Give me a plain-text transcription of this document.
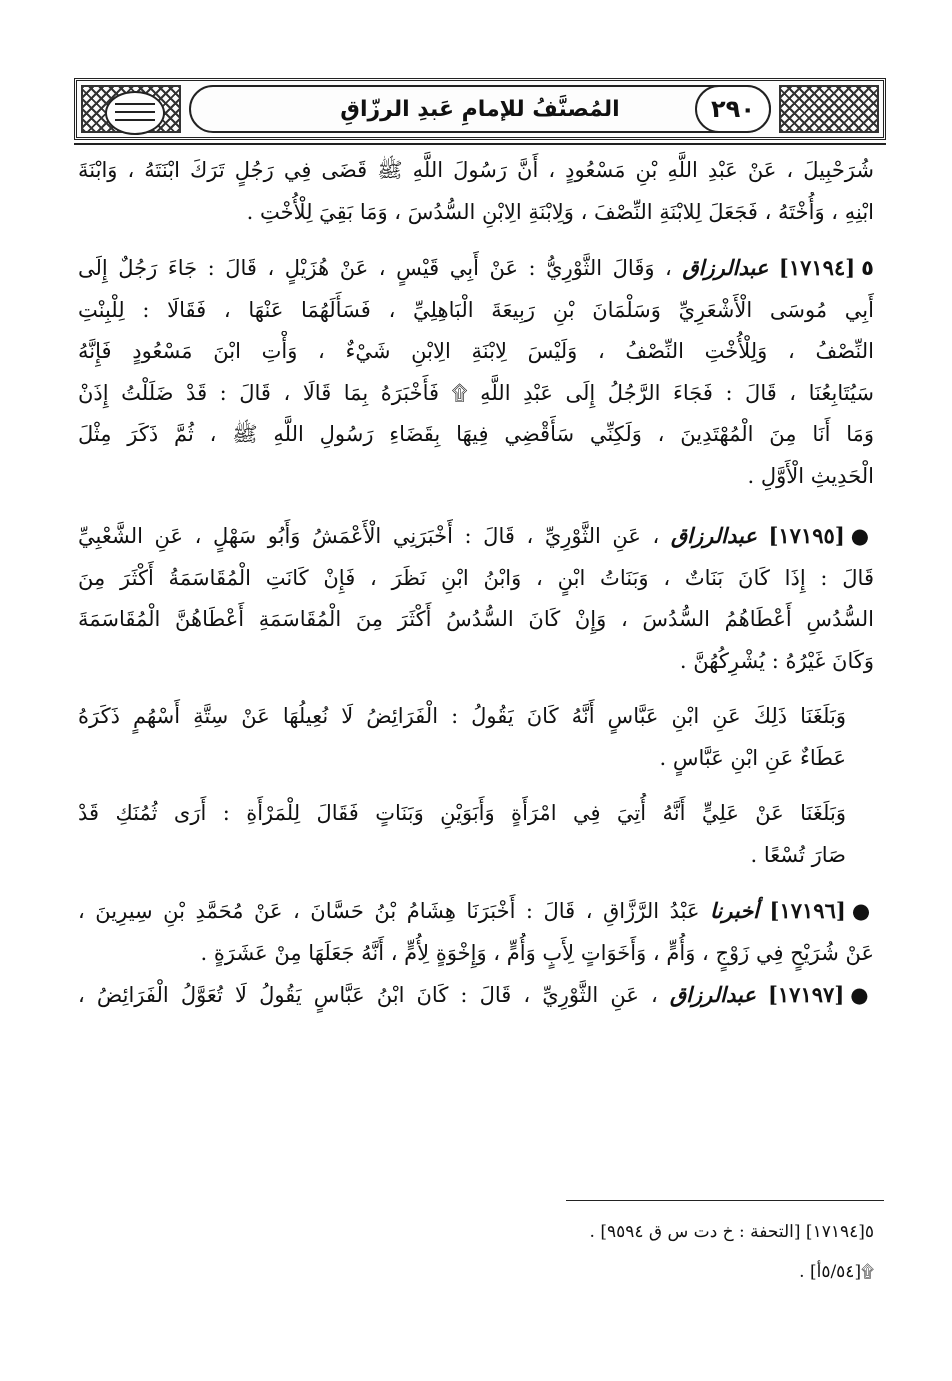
المُصنَّفُ للإمامِ عَبدِ الرزّاقِ	٢٩٠

شُرَحْبِيلَ ، عَنْ عَبْدِ اللَّهِ بْنِ مَسْعُودٍ ، أَنَّ رَسُولَ اللَّهِ ﷺ قَضَى فِي رَجُلٍ تَرَكَ ابْنَتَهُ ، وَابْنَةَ
ابْنِهِ ، وَأُخْتَهُ ، فَجَعَلَ لِلابْنَةِ النِّصْفَ ، وَلِابْنَةِ الِابْنِ السُّدُسَ ، وَمَا بَقِيَ لِلْأُخْتِ .

٥[١٧١٩٤] عبدالرزاق ، وَقَالَ الثَّوْرِيُّ : عَنْ أَبِي قَيْسٍ ، عَنْ هُزَيْلٍ ، قَالَ : جَاءَ رَجُلٌ إِلَى
أَبِي مُوسَى الْأَشْعَرِيِّ وَسَلْمَانَ بْنِ رَبِيعَةَ الْبَاهِلِيِّ ، فَسَأَلَهُمَا عَنْهَا ، فَقَالَا : لِلْبِنْتِ
النِّصْفُ ، وَلِلْأُخْتِ النِّصْفُ ، وَلَيْسَ لِابْنَةِ الِابْنِ شَيْءٌ ، وَأْتِ ابْنَ مَسْعُودٍ فَإِنَّهُ
سَيُتَابِعُنَا ، قَالَ : فَجَاءَ الرَّجُلُ إِلَى عَبْدِ اللَّهِ ۩ فَأَخْبَرَهُ بِمَا قَالَا ، قَالَ : قَدْ ضَلَلْتُ إِذَنْ
وَمَا أَنَا مِنَ الْمُهْتَدِينَ ، وَلَكِنِّي سَأَقْضِي فِيهَا بِقَضَاءِ رَسُولِ اللَّهِ ﷺ ، ثُمَّ ذَكَرَ مِثْلَ
الْحَدِيثِ الْأَوَّلِ .

●[١٧١٩٥] عبدالرزاق ، عَنِ الثَّوْرِيِّ ، قَالَ : أَخْبَرَنِي الْأَعْمَشُ وَأَبُو سَهْلٍ ، عَنِ الشَّعْبِيِّ
قَالَ : إِذَا كَانَ بَنَاتٌ ، وَبَنَاتُ ابْنٍ ، وَابْنُ ابْنِ نَظَرَ ، فَإِنْ كَانَتِ الْمُقَاسَمَةُ أَكْثَرَ مِنَ
السُّدُسِ أَعْطَاهُمُ السُّدُسَ ، وَإِنْ كَانَ السُّدُسُ أَكْثَرَ مِنَ الْمُقَاسَمَةِ أَعْطَاهُنَّ الْمُقَاسَمَةَ
وَكَانَ غَيْرُهُ : يُشْرِكُهُنَّ .

وَبَلَغَنَا ذَلِكَ عَنِ ابْنِ عَبَّاسٍ أَنَّهُ كَانَ يَقُولُ : الْفَرَائِضُ لَا نُعِيلُهَا عَنْ سِتَّةِ أَسْهُمٍ ذَكَرَهُ
عَطَاءٌ عَنِ ابْنِ عَبَّاسٍ .

وَبَلَغَنَا عَنْ عَلِيٍّ أَنَّهُ أُتِيَ فِي امْرَأَةٍ وَأَبَوَيْنِ وَبَنَاتٍ فَقَالَ لِلْمَرْأَةِ : أَرَى ثُمُنَكِ قَدْ
صَارَ تُسْعًا .

●[١٧١٩٦] أخبرنا عَبْدُ الرَّزَّاقِ ، قَالَ : أَخْبَرَنَا هِشَامُ بْنُ حَسَّانَ ، عَنْ مُحَمَّدِ بْنِ سِيرِينَ ،
عَنْ شُرَيْحٍ فِي زَوْجٍ ، وَأُمٍّ ، وَأَخَوَاتٍ لِأَبٍ وَأُمٍّ ، وَإِخْوَةٍ لِأُمٍّ ، أَنَّهُ جَعَلَهَا مِنْ عَشَرَةٍ .

●[١٧١٩٧] عبدالرزاق ، عَنِ الثَّوْرِيِّ ، قَالَ : كَانَ ابْنُ عَبَّاسٍ يَقُولُ لَا تُعَوَّلُ الْفَرَائِضُ ،

٥[١٧١٩٤] [التحفة : خ دت س ق ٩٥٩٤] .
۩[٥/٥٤أ] .
